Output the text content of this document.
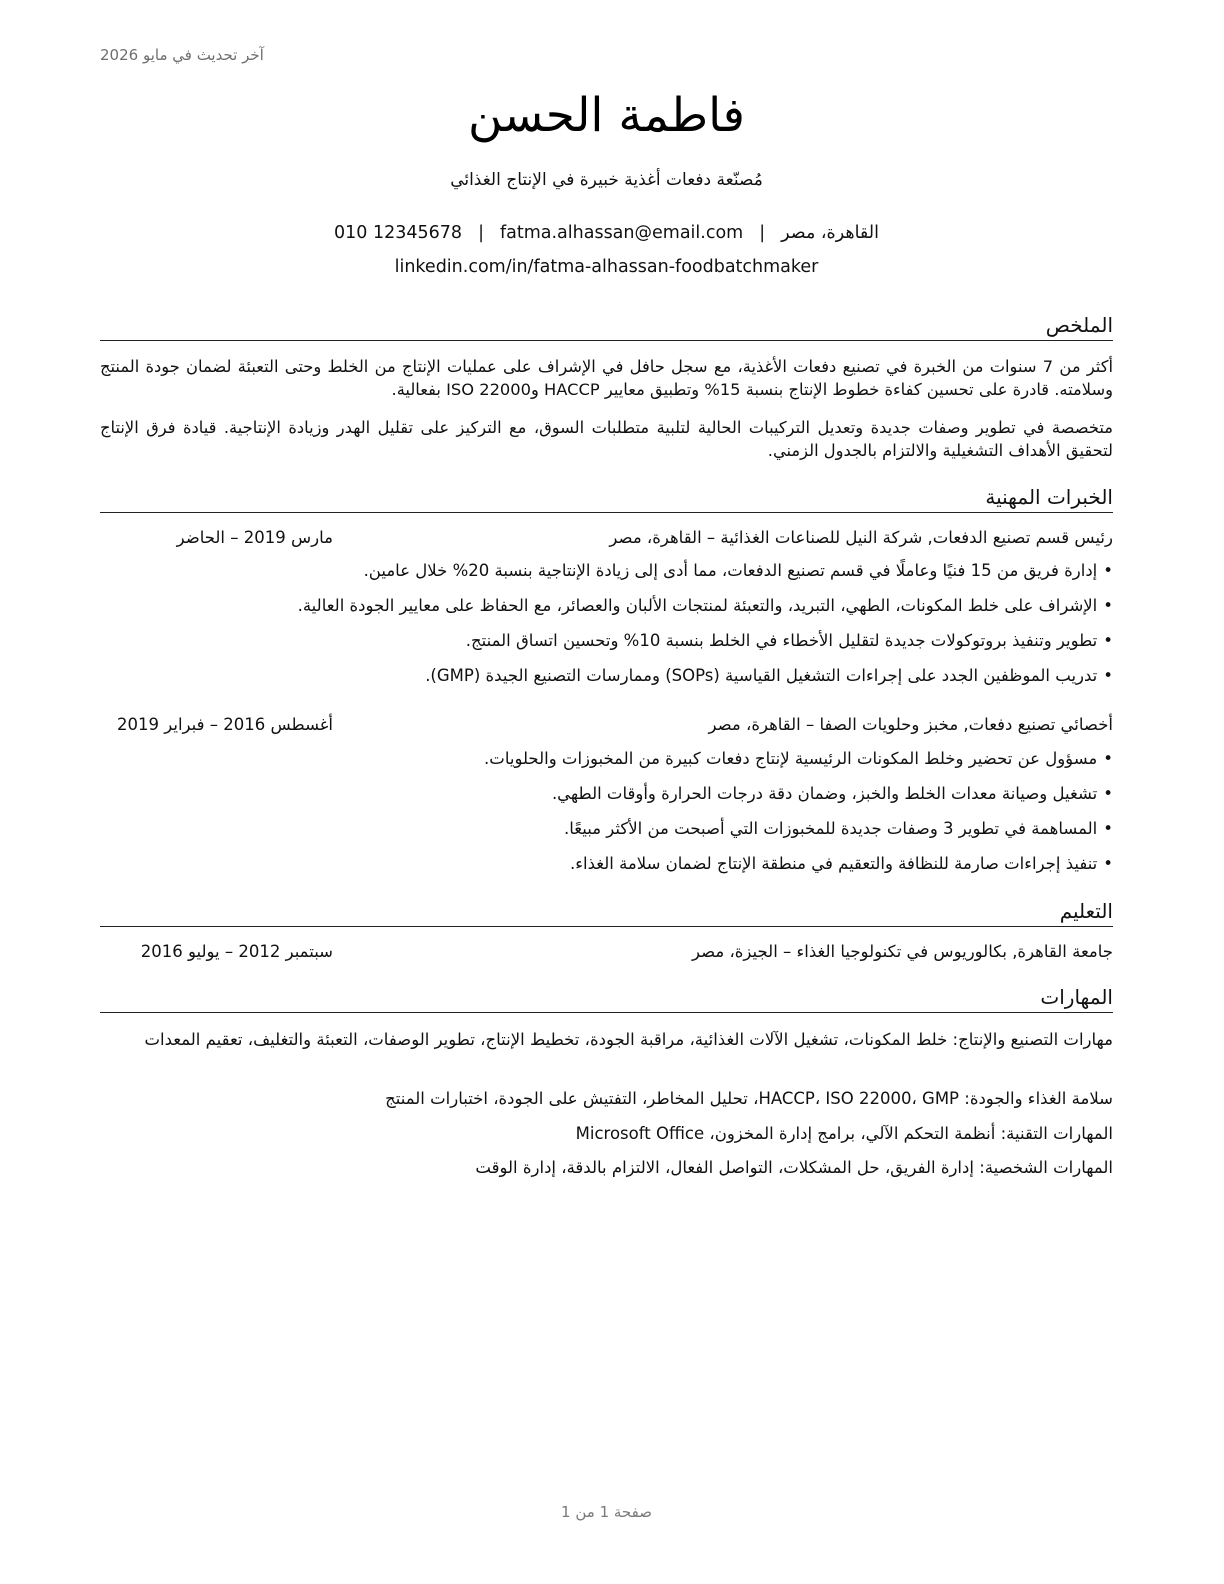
آخر تحديث في مايو 2026
فاطمة الحسن
مُصنّعة دفعات أغذية خبيرة في الإنتاج الغذائي
القاهرة، مصر|fatma.alhassan@email.com|010 12345678
linkedin.com/in/fatma-alhassan-foodbatchmaker
الملخص
أكثر من 7 سنوات من الخبرة في تصنيع دفعات الأغذية، مع سجل حافل في الإشراف على عمليات الإنتاج من الخلط وحتى التعبئة لضمان جودة المنتج وسلامته. قادرة على تحسين كفاءة خطوط الإنتاج بنسبة 15% وتطبيق معايير HACCP وISO 22000 بفعالية.
متخصصة في تطوير وصفات جديدة وتعديل التركيبات الحالية لتلبية متطلبات السوق، مع التركيز على تقليل الهدر وزيادة الإنتاجية. قيادة فرق الإنتاج لتحقيق الأهداف التشغيلية والالتزام بالجدول الزمني.
الخبرات المهنية
رئيس قسم تصنيع الدفعات, شركة النيل للصناعات الغذائية – القاهرة، مصر
مارس 2019 – الحاضر
•إدارة فريق من 15 فنيًا وعاملًا في قسم تصنيع الدفعات، مما أدى إلى زيادة الإنتاجية بنسبة 20% خلال عامين.
•الإشراف على خلط المكونات، الطهي، التبريد، والتعبئة لمنتجات الألبان والعصائر، مع الحفاظ على معايير الجودة العالية.
•تطوير وتنفيذ بروتوكولات جديدة لتقليل الأخطاء في الخلط بنسبة 10% وتحسين اتساق المنتج.
•تدريب الموظفين الجدد على إجراءات التشغيل القياسية (SOPs) وممارسات التصنيع الجيدة (GMP).
أخصائي تصنيع دفعات, مخبز وحلويات الصفا – القاهرة، مصر
أغسطس 2016 – فبراير 2019
•مسؤول عن تحضير وخلط المكونات الرئيسية لإنتاج دفعات كبيرة من المخبوزات والحلويات.
•تشغيل وصيانة معدات الخلط والخبز، وضمان دقة درجات الحرارة وأوقات الطهي.
•المساهمة في تطوير 3 وصفات جديدة للمخبوزات التي أصبحت من الأكثر مبيعًا.
•تنفيذ إجراءات صارمة للنظافة والتعقيم في منطقة الإنتاج لضمان سلامة الغذاء.
التعليم
جامعة القاهرة, بكالوريوس في تكنولوجيا الغذاء – الجيزة، مصر
سبتمبر 2012 – يوليو 2016
المهارات
مهارات التصنيع والإنتاج: خلط المكونات، تشغيل الآلات الغذائية، مراقبة الجودة، تخطيط الإنتاج، تطوير الوصفات، التعبئة والتغليف، تعقيم المعدات
سلامة الغذاء والجودة: HACCP، ISO 22000، GMP، تحليل المخاطر، التفتيش على الجودة، اختبارات المنتج
المهارات التقنية: أنظمة التحكم الآلي، برامج إدارة المخزون، Microsoft Office
المهارات الشخصية: إدارة الفريق، حل المشكلات، التواصل الفعال، الالتزام بالدقة، إدارة الوقت
صفحة 1 من 1
